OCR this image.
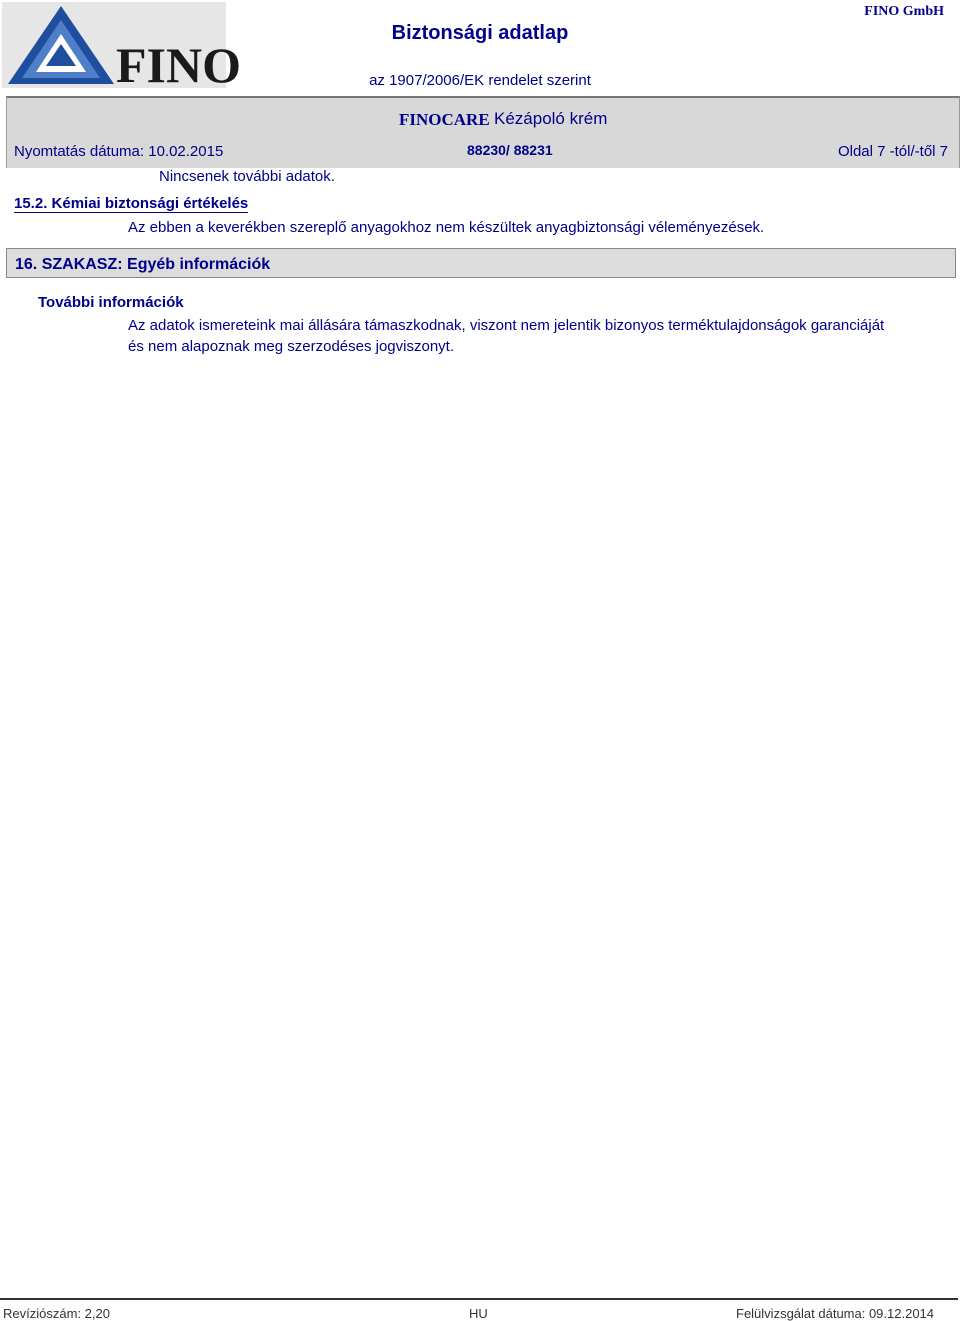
FINO
Biztonsági adatlap
FINO GmbH
az 1907/2006/EK rendelet szerint
FINOCARE Kézápoló krém
Nyomtatás dátuma: 10.02.2015	88230/ 88231	Oldal 7 -tól/-től 7
Nincsenek további adatok.
15.2. Kémiai biztonsági értékelés
Az ebben a keverékben szereplő anyagokhoz nem készültek anyagbiztonsági véleményezések.
16. SZAKASZ: Egyéb információk
További információk
Az adatok ismereteink mai állására támaszkodnak, viszont nem jelentik bizonyos terméktulajdonságok garanciáját és nem alapoznak meg szerzodéses jogviszonyt.
Revíziószám: 2,20	HU	Felülvizsgálat dátuma: 09.12.2014
